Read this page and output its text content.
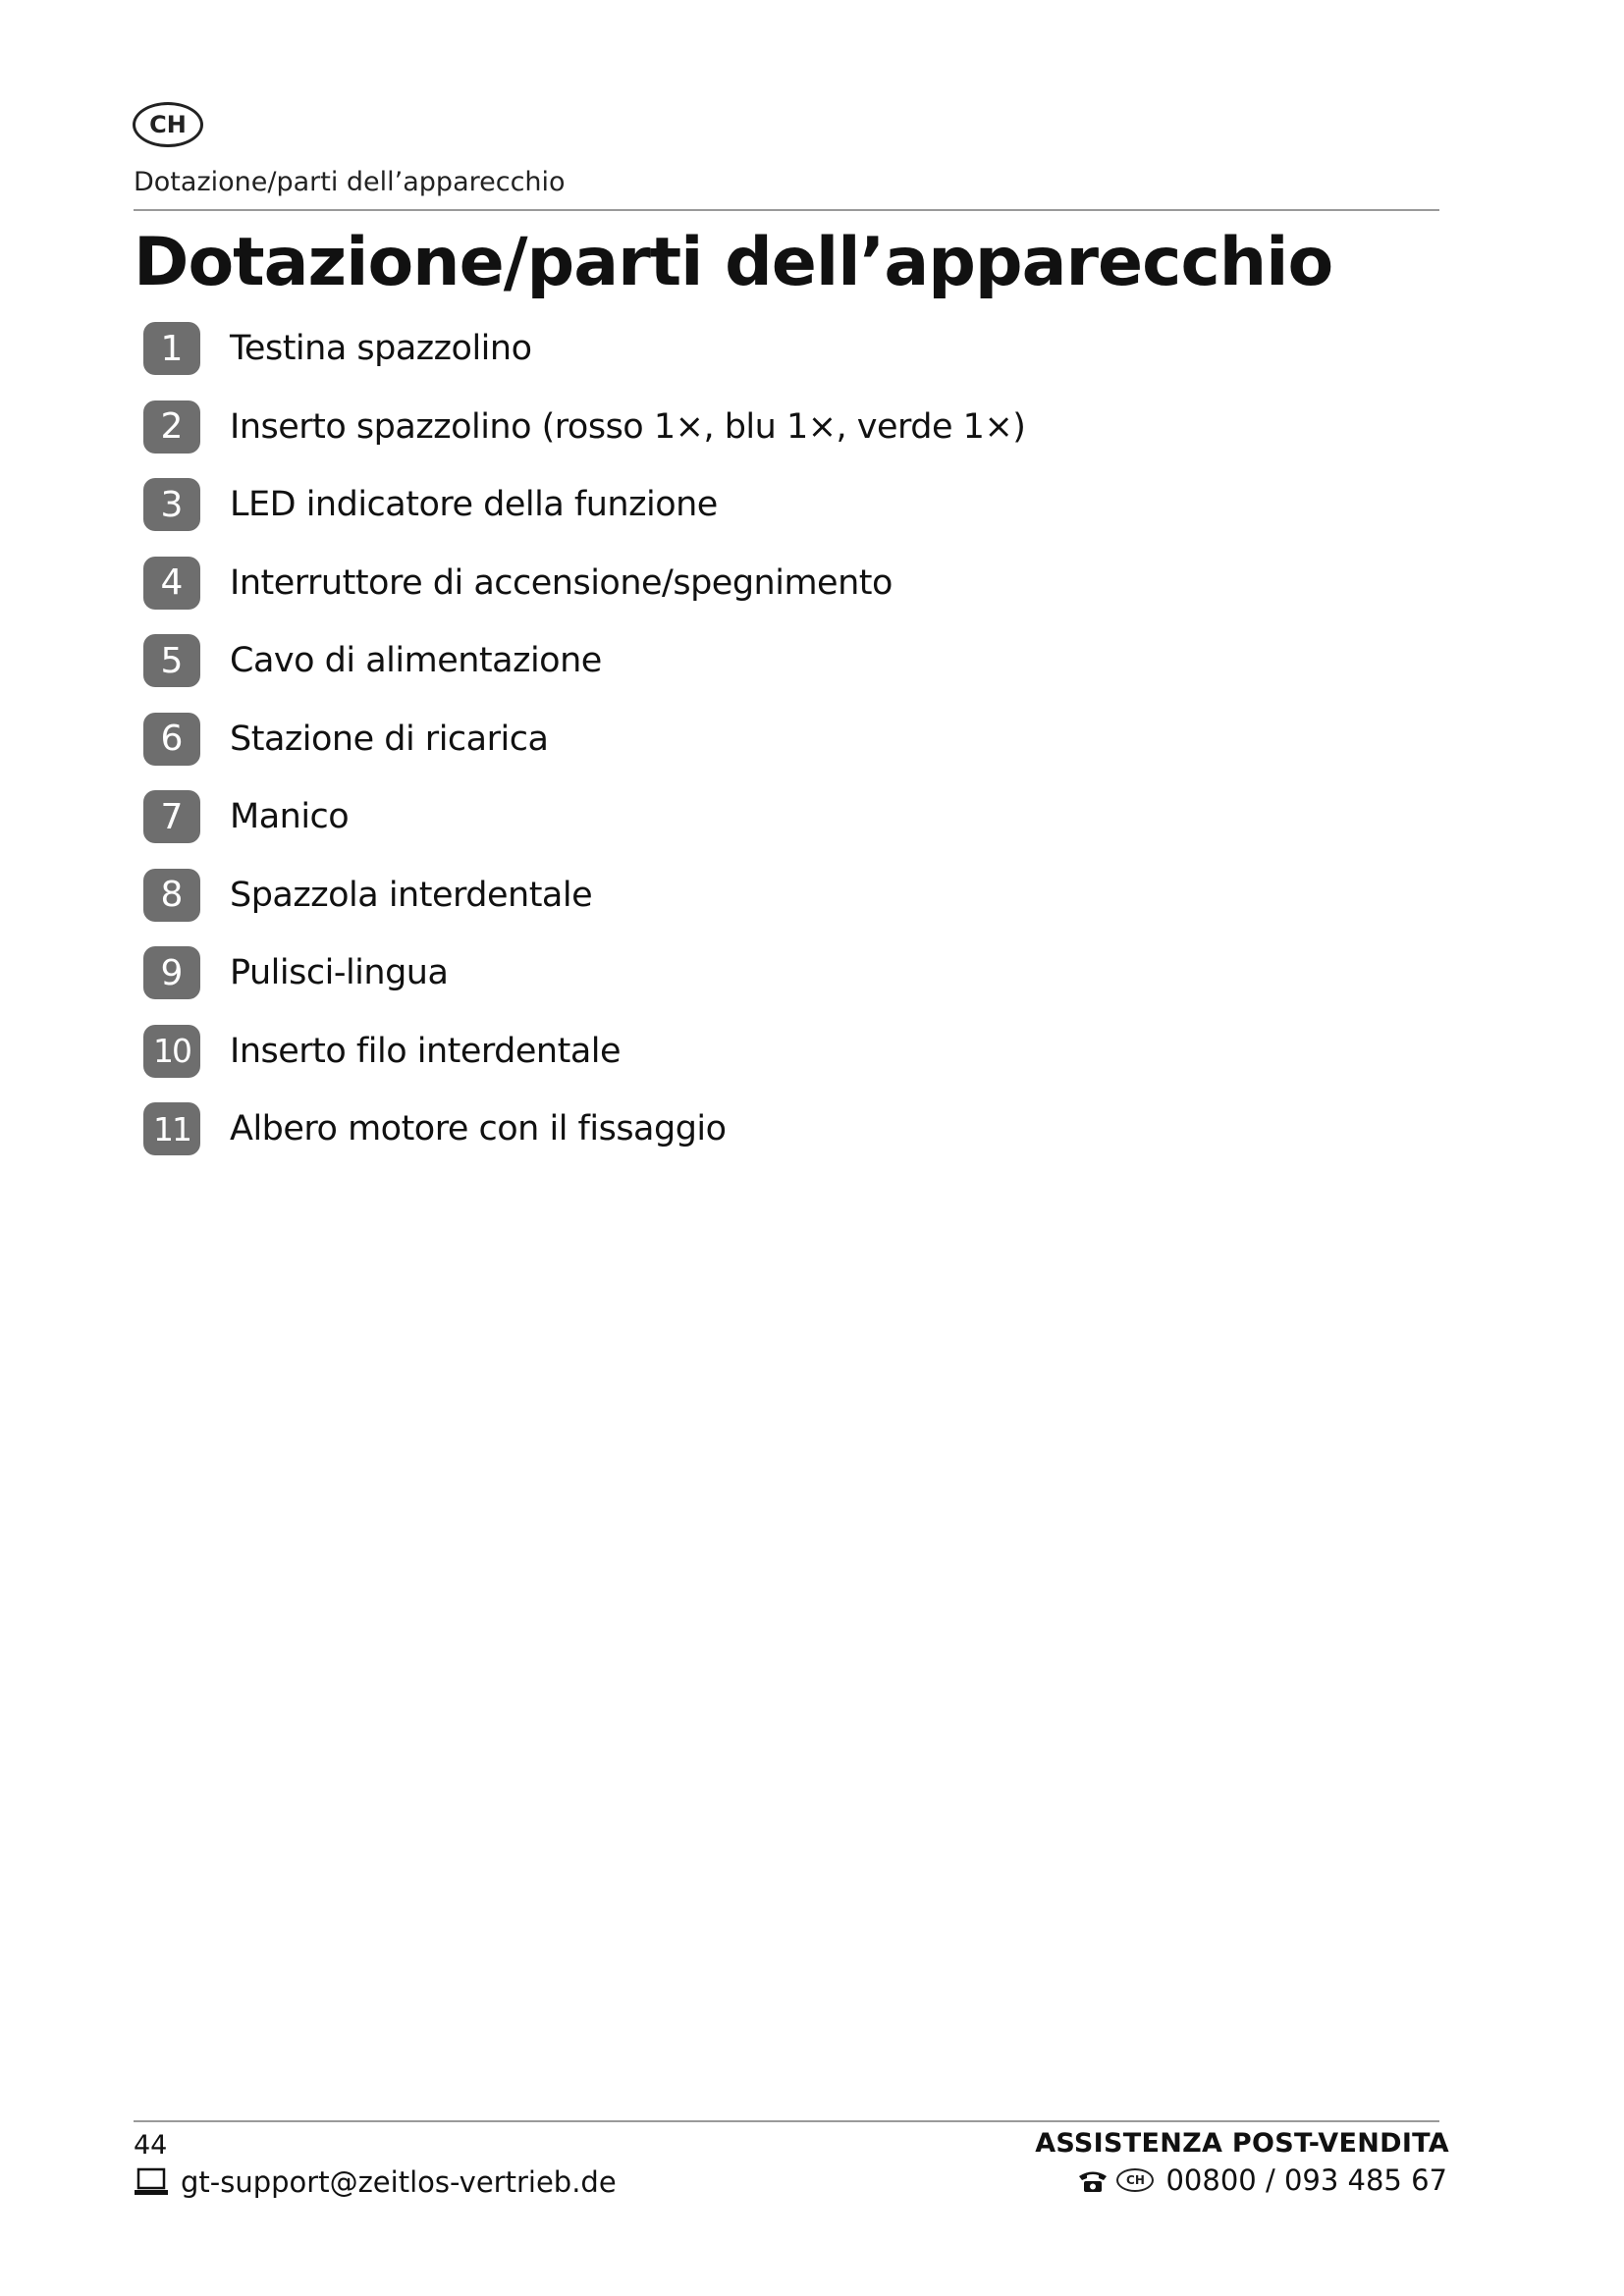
CH
Dotazione/parti dell’apparecchio
Dotazione/parti dell’apparecchio
1	Testina spazzolino
2	Inserto spazzolino (rosso 1×, blu 1×, verde 1×)
3	LED indicatore della funzione
4	Interruttore di accensione/spegnimento
5	Cavo di alimentazione
6	Stazione di ricarica
7	Manico
8	Spazzola interdentale
9	Pulisci-lingua
10 Inserto filo interdentale
11 Albero motore con il fissaggio
44
gt-support@zeitlos-vertrieb.de
ASSISTENZA POST-VENDITA
CH 00800 / 093 485 67
